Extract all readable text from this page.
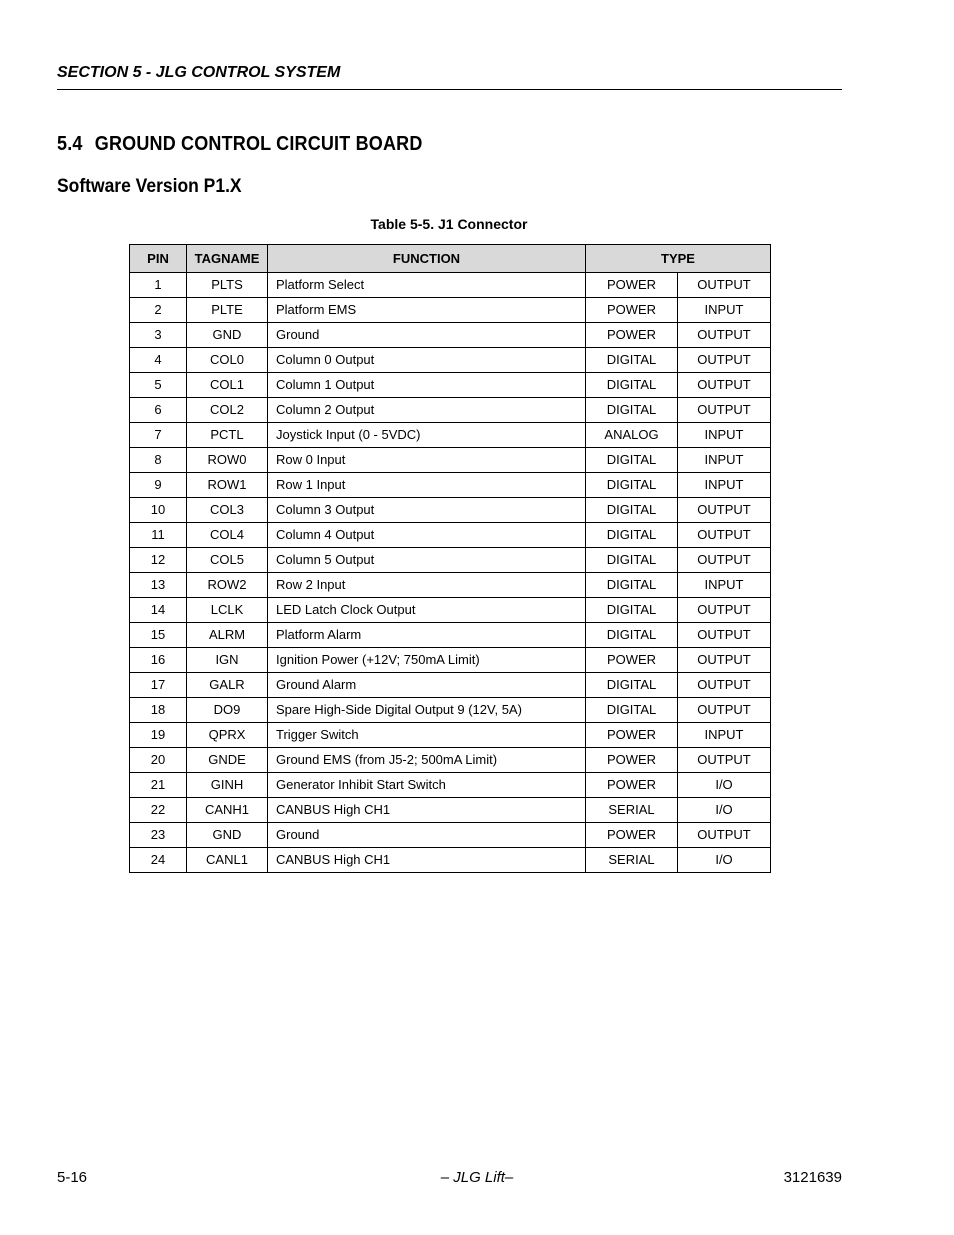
SECTION 5 - JLG CONTROL SYSTEM
5.4 GROUND CONTROL CIRCUIT BOARD
Software Version P1.X
Table 5-5. J1 Connector
PIN	TAGNAME	FUNCTION	TYPE	
1	PLTS	Platform Select	POWER	OUTPUT
2	PLTE	Platform EMS	POWER	INPUT
3	GND	Ground	POWER	OUTPUT
4	COL0	Column 0 Output	DIGITAL	OUTPUT
5	COL1	Column 1 Output	DIGITAL	OUTPUT
6	COL2	Column 2 Output	DIGITAL	OUTPUT
7	PCTL	Joystick Input (0 - 5VDC)	ANALOG	INPUT
8	ROW0	Row 0 Input	DIGITAL	INPUT
9	ROW1	Row 1 Input	DIGITAL	INPUT
10	COL3	Column 3 Output	DIGITAL	OUTPUT
11	COL4	Column 4 Output	DIGITAL	OUTPUT
12	COL5	Column 5 Output	DIGITAL	OUTPUT
13	ROW2	Row 2 Input	DIGITAL	INPUT
14	LCLK	LED Latch Clock Output	DIGITAL	OUTPUT
15	ALRM	Platform Alarm	DIGITAL	OUTPUT
16	IGN	Ignition Power (+12V; 750mA Limit)	POWER	OUTPUT
17	GALR	Ground Alarm	DIGITAL	OUTPUT
18	DO9	Spare High-Side Digital Output 9 (12V, 5A)	DIGITAL	OUTPUT
19	QPRX	Trigger Switch	POWER	INPUT
20	GNDE	Ground EMS (from J5-2; 500mA Limit)	POWER	OUTPUT
21	GINH	Generator Inhibit Start Switch	POWER	I/O
22	CANH1	CANBUS High CH1	SERIAL	I/O
23	GND	Ground	POWER	OUTPUT
24	CANL1	CANBUS High CH1	SERIAL	I/O
5-16	– JLG Lift–	3121639
